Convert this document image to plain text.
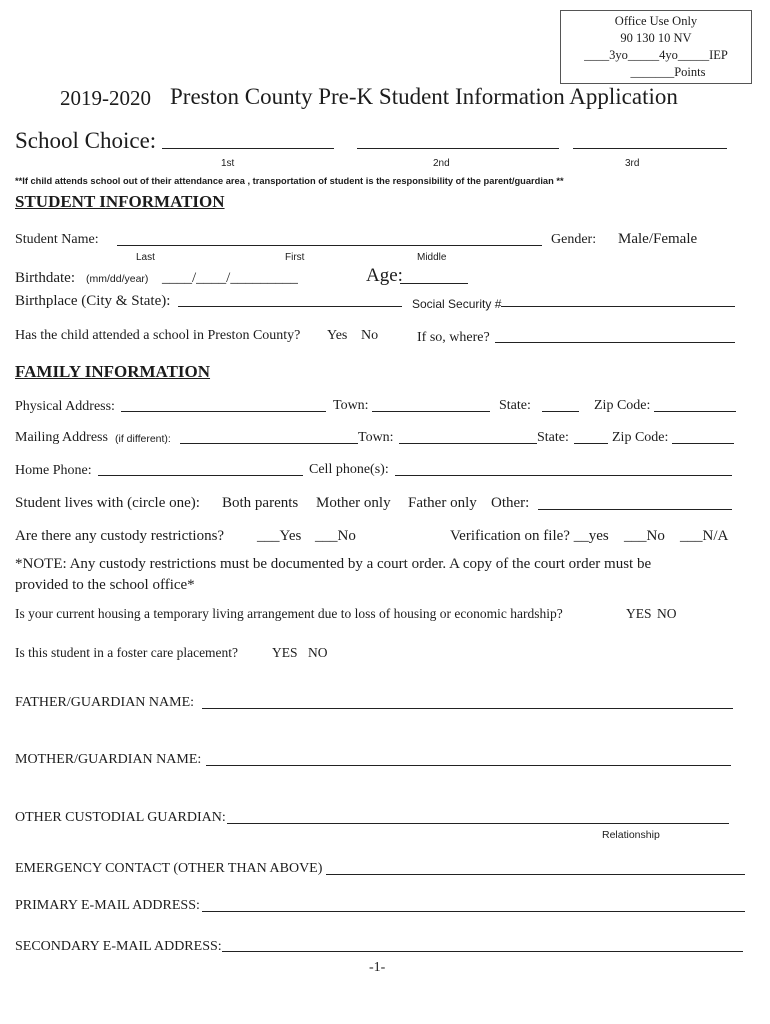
Office Use Only
90 130 10 NV
____3yo_____4yo_____IEP
_______Points
2019-2020 Preston County Pre-K Student Information Application
School Choice:
1st	2nd	3rd
**If child attends school out of their attendance area , transportation of student is the responsibility of the parent/guardian **
STUDENT INFORMATION
Student Name:	Gender: Male/Female
Last	First	Middle
Birthdate: (mm/dd/year) ____/____/_________	Age:
Birthplace (City & State):	Social Security #
Has the child attended a school in Preston County? Yes No	If so, where?
FAMILY INFORMATION
Physical Address:	Town:	State:	Zip Code:
Mailing Address (if different):	Town:	State:	Zip Code:
Home Phone:	Cell phone(s):
Student lives with (circle one): Both parents Mother only Father only Other:
Are there any custody restrictions? ___Yes ___No	Verification on file? __yes ___No ___N/A
*NOTE: Any custody restrictions must be documented by a court order. A copy of the court order must be
provided to the school office*
Is your current housing a temporary living arrangement due to loss of housing or economic hardship?	YES NO
Is this student in a foster care placement?	YES NO
FATHER/GUARDIAN NAME:
MOTHER/GUARDIAN NAME:
OTHER CUSTODIAL GUARDIAN:
Relationship
EMERGENCY CONTACT (OTHER THAN ABOVE)
PRIMARY E-MAIL ADDRESS:
SECONDARY E-MAIL ADDRESS:
-1-
